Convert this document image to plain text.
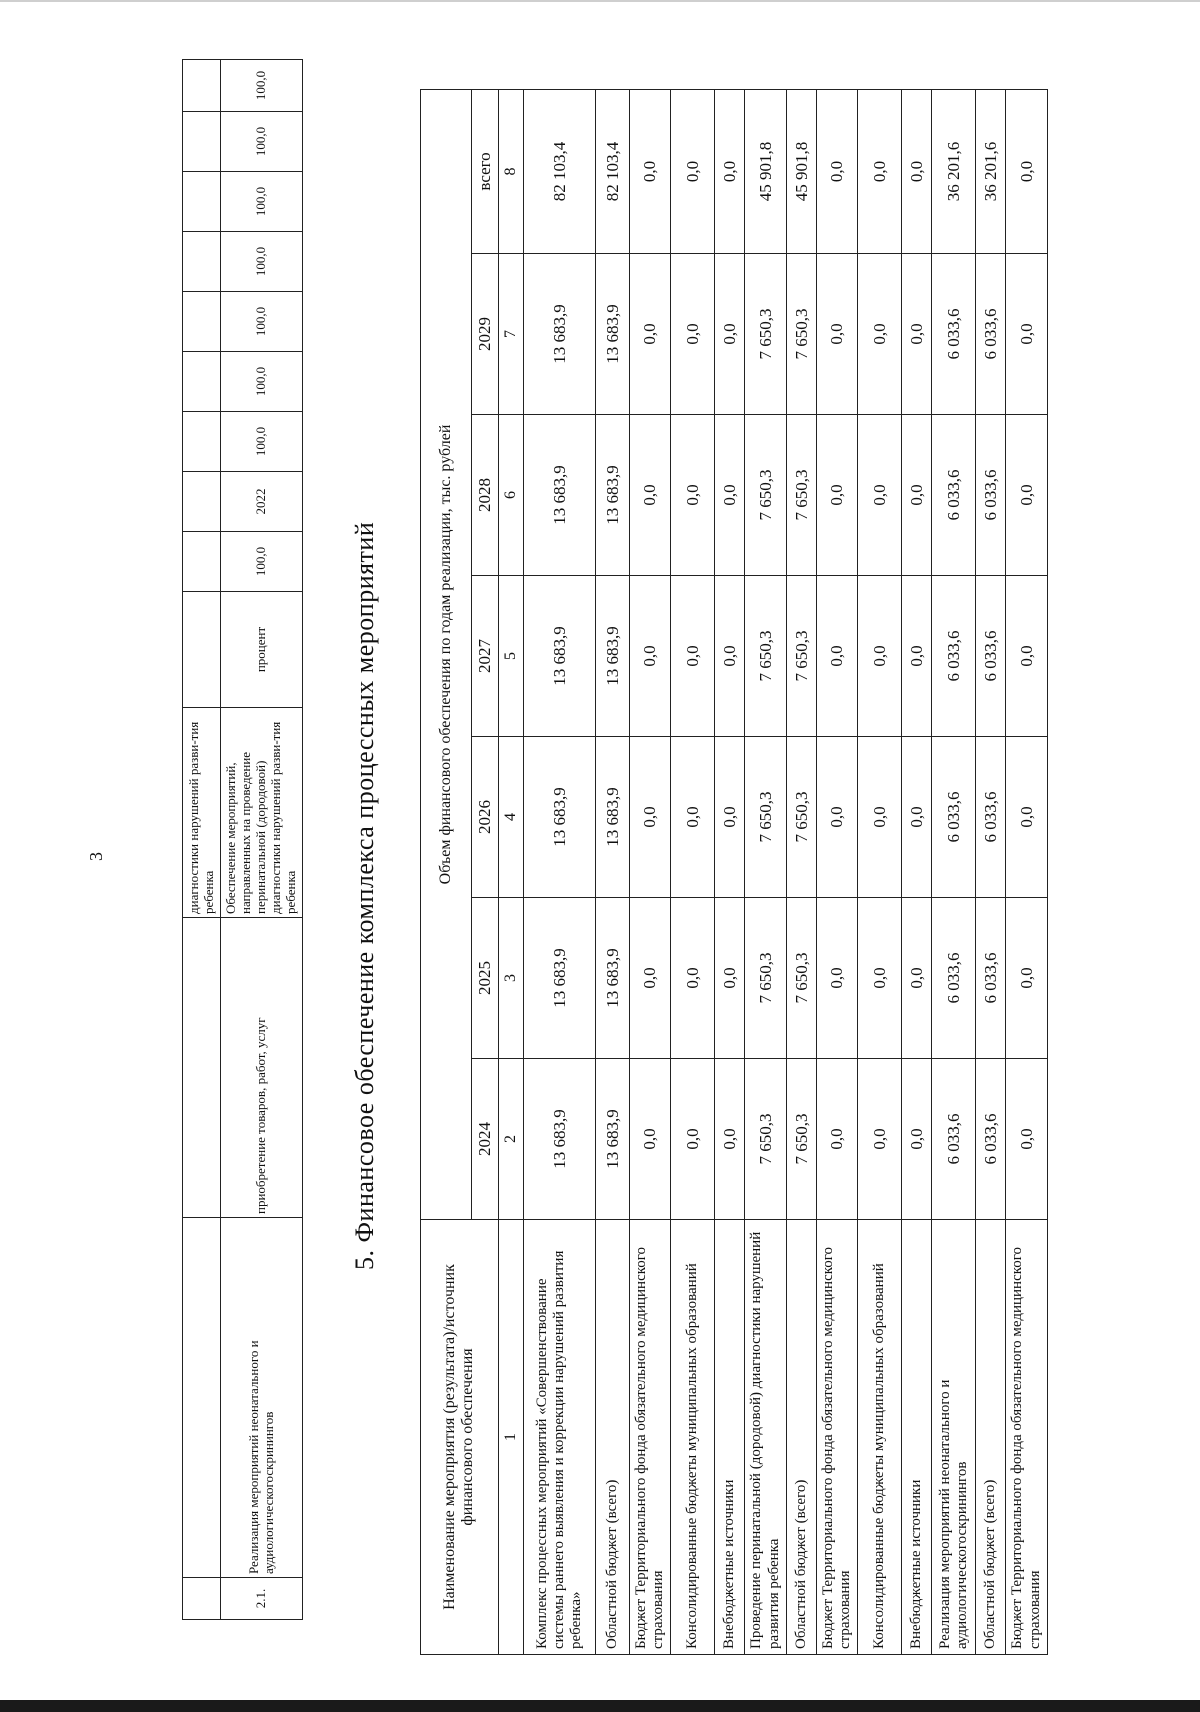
3
				диагностики нарушений разви-тия ребенка										
2.1.	Реализация мероприятий неонатального и аудиологическогоскринингов	приобретение товаров, работ, услуг	Обеспечение мероприятий, направленных на проведение перинатальной (дородовой) диагностики нарушений разви-тия ребенка	процент	100,0	2022	100,0	100,0	100,0	100,0	100,0	100,0	100,0
5. Финансовое обеспечение комплекса процессных мероприятий
Наименование мероприятия (результата)/источник финансового обеспечения	Объем финансового обеспечения по годам реализации, тыс. рублей						
	2024	2025	2026	2027	2028	2029	всего
1	2	3	4	5	6	7	8
Комплекс процессных мероприятий «Совершенствование системы раннего выявления и коррекции нарушений развития ребенка»	13 683,9	13 683,9	13 683,9	13 683,9	13 683,9	13 683,9	82 103,4
Областной бюджет (всего)	13 683,9	13 683,9	13 683,9	13 683,9	13 683,9	13 683,9	82 103,4
Бюджет Территориального фонда обязательного медицинского страхования	0,0	0,0	0,0	0,0	0,0	0,0	0,0
Консолидированные бюджеты муниципальных образований	0,0	0,0	0,0	0,0	0,0	0,0	0,0
Внебюджетные источники	0,0	0,0	0,0	0,0	0,0	0,0	0,0
Проведение перинатальной (дородовой) диагностики нарушений развития ребенка	7 650,3	7 650,3	7 650,3	7 650,3	7 650,3	7 650,3	45 901,8
Областной бюджет (всего)	7 650,3	7 650,3	7 650,3	7 650,3	7 650,3	7 650,3	45 901,8
Бюджет Территориального фонда обязательного медицинского страхования	0,0	0,0	0,0	0,0	0,0	0,0	0,0
Консолидированные бюджеты муниципальных образований	0,0	0,0	0,0	0,0	0,0	0,0	0,0
Внебюджетные источники	0,0	0,0	0,0	0,0	0,0	0,0	0,0
Реализация мероприятий неонатального и аудиологическогоскринингов	6 033,6	6 033,6	6 033,6	6 033,6	6 033,6	6 033,6	36 201,6
Областной бюджет (всего)	6 033,6	6 033,6	6 033,6	6 033,6	6 033,6	6 033,6	36 201,6
Бюджет Территориального фонда обязательного медицинского страхования	0,0	0,0	0,0	0,0	0,0	0,0	0,0
